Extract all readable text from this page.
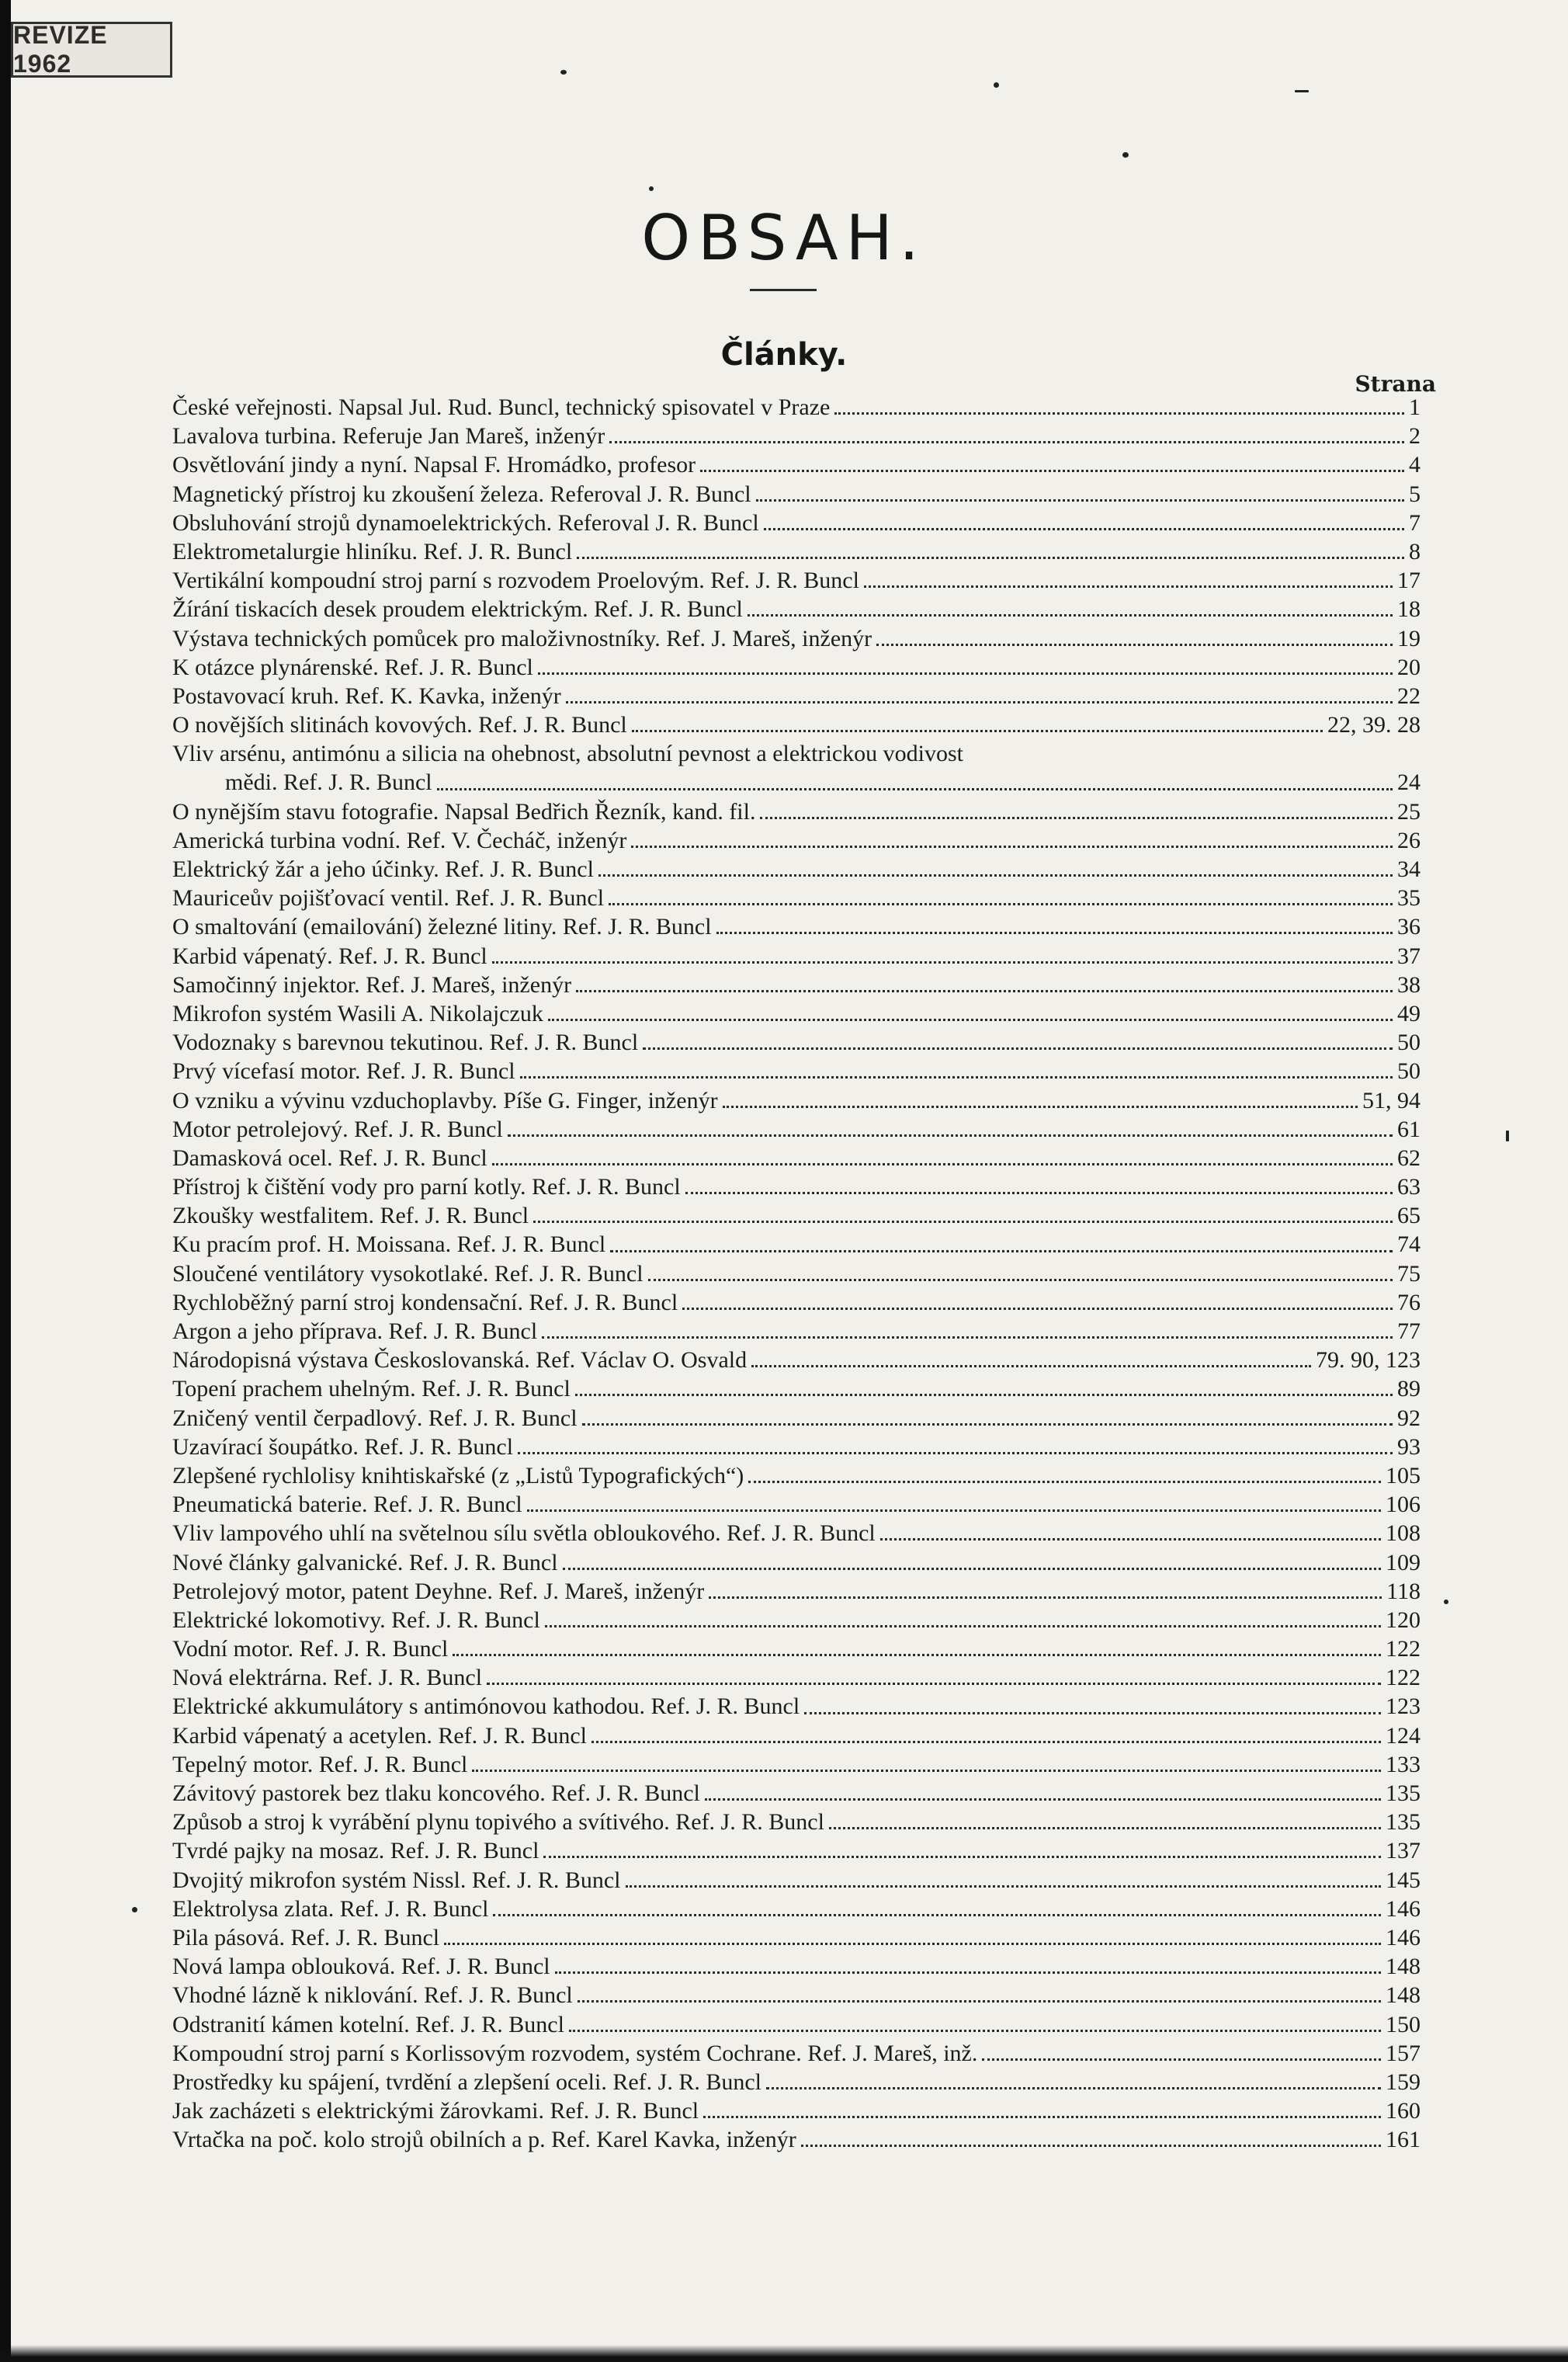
REVIZE 1962
OBSAH.
Články.
Strana
České veřejnosti. Napsal Jul. Rud. Buncl, technický spisovatel v Praze	1
Lavalova turbina. Referuje Jan Mareš, inženýr	2
Osvětlování jindy a nyní. Napsal F. Hromádko, profesor	4
Magnetický přístroj ku zkoušení železa. Referoval J. R. Buncl	5
Obsluhování strojů dynamoelektrických. Referoval J. R. Buncl	7
Elektrometalurgie hliníku. Ref. J. R. Buncl	8
Vertikální kompoudní stroj parní s rozvodem Proelovým. Ref. J. R. Buncl	17
Žírání tiskacích desek proudem elektrickým. Ref. J. R. Buncl	18
Výstava technických pomůcek pro maloživnostníky. Ref. J. Mareš, inženýr	19
K otázce plynárenské. Ref. J. R. Buncl	20
Postavovací kruh. Ref. K. Kavka, inženýr	22
O novějších slitinách kovových. Ref. J. R. Buncl	22, 39. 28
Vliv arsénu, antimónu a silicia na ohebnost, absolutní pevnost a elektrickou vodivost
mědi. Ref. J. R. Buncl	24
O nynějším stavu fotografie. Napsal Bedřich Řezník, kand. fil.	25
Americká turbina vodní. Ref. V. Čecháč, inženýr	26
Elektrický žár a jeho účinky. Ref. J. R. Buncl	34
Mauriceův pojišťovací ventil. Ref. J. R. Buncl	35
O smaltování (emailování) železné litiny. Ref. J. R. Buncl	36
Karbid vápenatý. Ref. J. R. Buncl	37
Samočinný injektor. Ref. J. Mareš, inženýr	38
Mikrofon systém Wasili A. Nikolajczuk	49
Vodoznaky s barevnou tekutinou. Ref. J. R. Buncl	50
Prvý vícefasí motor. Ref. J. R. Buncl	50
O vzniku a vývinu vzduchoplavby. Píše G. Finger, inženýr	51, 94
Motor petrolejový. Ref. J. R. Buncl	61
Damasková ocel. Ref. J. R. Buncl	62
Přístroj k čištění vody pro parní kotly. Ref. J. R. Buncl	63
Zkoušky westfalitem. Ref. J. R. Buncl	65
Ku pracím prof. H. Moissana. Ref. J. R. Buncl	74
Sloučené ventilátory vysokotlaké. Ref. J. R. Buncl	75
Rychloběžný parní stroj kondensační. Ref. J. R. Buncl	76
Argon a jeho příprava. Ref. J. R. Buncl	77
Národopisná výstava Českoslovanská. Ref. Václav O. Osvald	79. 90, 123
Topení prachem uhelným. Ref. J. R. Buncl	89
Zničený ventil čerpadlový. Ref. J. R. Buncl	92
Uzavírací šoupátko. Ref. J. R. Buncl	93
Zlepšené rychlolisy knihtiskařské (z „Listů Typografických“)	105
Pneumatická baterie. Ref. J. R. Buncl	106
Vliv lampového uhlí na světelnou sílu světla obloukového. Ref. J. R. Buncl	108
Nové články galvanické. Ref. J. R. Buncl	109
Petrolejový motor, patent Deyhne. Ref. J. Mareš, inženýr	118
Elektrické lokomotivy. Ref. J. R. Buncl	120
Vodní motor. Ref. J. R. Buncl	122
Nová elektrárna. Ref. J. R. Buncl	122
Elektrické akkumulátory s antimónovou kathodou. Ref. J. R. Buncl	123
Karbid vápenatý a acetylen. Ref. J. R. Buncl	124
Tepelný motor. Ref. J. R. Buncl	133
Závitový pastorek bez tlaku koncového. Ref. J. R. Buncl	135
Způsob a stroj k vyrábění plynu topivého a svítivého. Ref. J. R. Buncl	135
Tvrdé pajky na mosaz. Ref. J. R. Buncl	137
Dvojitý mikrofon systém Nissl. Ref. J. R. Buncl	145
Elektrolysa zlata. Ref. J. R. Buncl	146
Pila pásová. Ref. J. R. Buncl	146
Nová lampa oblouková. Ref. J. R. Buncl	148
Vhodné lázně k niklování. Ref. J. R. Buncl	148
Odstranití kámen kotelní. Ref. J. R. Buncl	150
Kompoudní stroj parní s Korlissovým rozvodem, systém Cochrane. Ref. J. Mareš, inž.	157
Prostředky ku spájení, tvrdění a zlepšení oceli. Ref. J. R. Buncl	159
Jak zacházeti s elektrickými žárovkami. Ref. J. R. Buncl	160
Vrtačka na poč. kolo strojů obilních a p. Ref. Karel Kavka, inženýr	161
